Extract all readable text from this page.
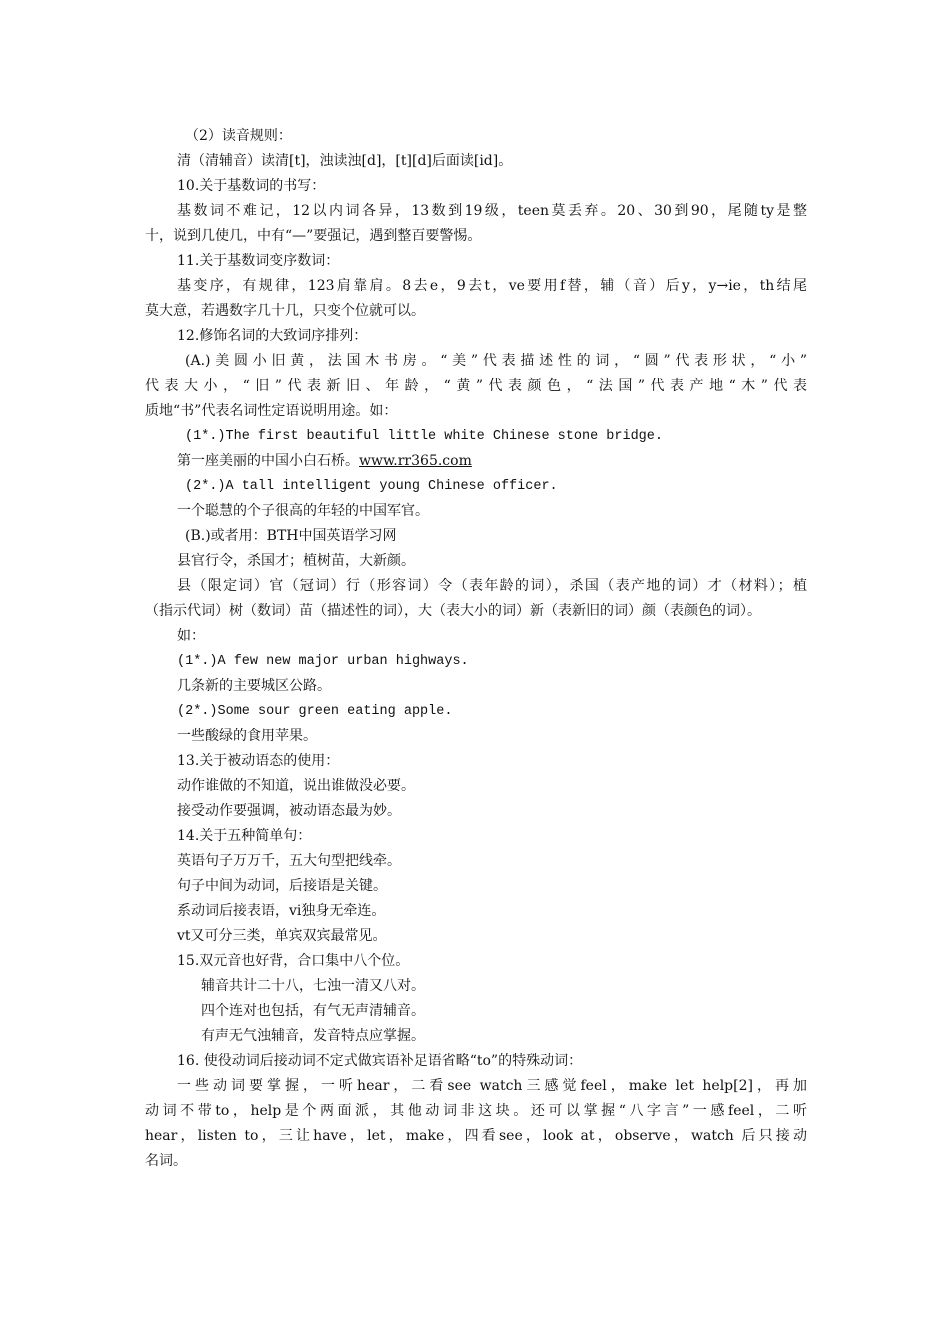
（2）读音规则：
清（清辅音）读清[t]，浊读浊[d]，[t][d]后面读[id]。
10.关于基数词的书写：
基数词不难记，12以内词各异，13数到19级，teen莫丢弃。20、30到90，尾随ty是整
十，说到几使几，中有“—”要强记，遇到整百要警惕。
11.关于基数词变序数词：
基变序，有规律，123肩靠肩。8去e，9去t，ve要用f替，辅（音）后y，y→ie，th结尾
莫大意，若遇数字几十几，只变个位就可以。
12.修饰名词的大致词序排列：
(A.)美圆小旧黄，法国木书房。“美”代表描述性的词，“圆”代表形状，“小”
代表大小，“旧”代表新旧、年龄，“黄”代表颜色，“法国”代表产地“木”代表
质地“书”代表名词性定语说明用途。如：
(1*.)The first beautiful little white Chinese stone bridge.
第一座美丽的中国小白石桥。www.rr365.com
(2*.)A tall intelligent young Chinese officer.
一个聪慧的个子很高的年轻的中国军官。
(B.)或者用：BTH中国英语学习网
县官行令，杀国才；植树苗，大新颜。
县（限定词）官（冠词）行（形容词）令（表年龄的词），杀国（表产地的词）才（材料）；植
（指示代词）树（数词）苗（描述性的词），大（表大小的词）新（表新旧的词）颜（表颜色的词）。
如：
(1*.)A few new major urban highways.
几条新的主要城区公路。
(2*.)Some sour green eating apple.
一些酸绿的食用苹果。
13.关于被动语态的使用：
动作谁做的不知道，说出谁做没必要。
接受动作要强调，被动语态最为妙。
14.关于五种简单句：
英语句子万万千，五大句型把线牵。
句子中间为动词，后接语是关键。
系动词后接表语，vi独身无牵连。
vt又可分三类，单宾双宾最常见。
15.双元音也好背，合口集中八个位。
辅音共计二十八，七浊一清又八对。
四个连对也包括，有气无声清辅音。
有声无气浊辅音，发音特点应掌握。
16. 使役动词后接动词不定式做宾语补足语省略“to”的特殊动词：
一些动词要掌握，一听hear，二看see watch三感觉feel，make let help[2]，再加
动词不带to，help是个两面派，其他动词非这块。还可以掌握“八字言”一感feel，二听
hear，listen to，三让have，let，make，四看see，look at，observe，watch 后只接动
名词。
